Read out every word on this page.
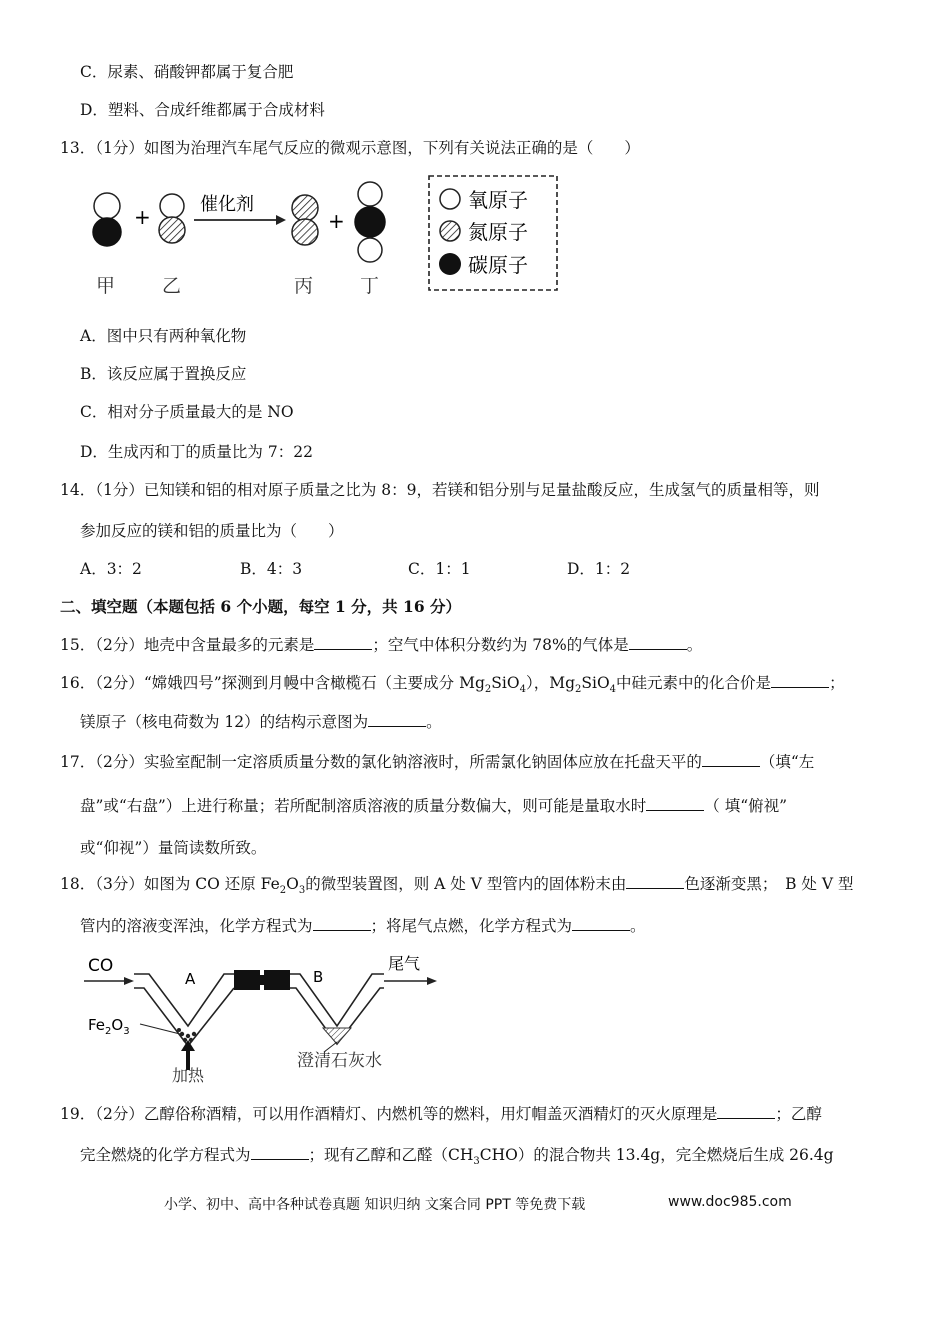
C．尿素、硝酸钾都属于复合肥
D．塑料、合成纤维都属于合成材料
13．（1分）如图为治理汽车尾气反应的微观示意图，下列有关说法正确的是（　　）
+
催化剂
+
甲 乙	丙 丁
氧原子
氮原子
碳原子
A．图中只有两种氧化物
B．该反应属于置换反应
C．相对分子质量最大的是 NO
D．生成丙和丁的质量比为 7：22
14．（1分）已知镁和铝的相对原子质量之比为 8：9，若镁和铝分别与足量盐酸反应，生成氢气的质量相等，则
参加反应的镁和铝的质量比为（　　）
A．3：2	B．4：3	C．1：1	D．1：2
二、填空题（本题包括 6 个小题，每空 1 分，共 16 分）
15．（2分）地壳中含量最多的元素是	；空气中体积分数约为 78%的气体是	。
16．（2分）“嫦娥四号”探测到月幔中含橄榄石（主要成分 $Mg_2SiO_4$），$Mg_2SiO_4$中硅元素中的化合价是	；
镁原子（核电荷数为 12）的结构示意图为	。
17．（2分）实验室配制一定溶质质量分数的氯化钠溶液时，所需氯化钠固体应放在托盘天平的	（填“左
盘”或“右盘”）上进行称量；若所配制溶质溶液的质量分数偏大，则可能是量取水时	（ 填“俯视”
或“仰视”）量筒读数所致。
18．（3分）如图为 CO 还原 $Fe_2O_3$的微型装置图，则 A 处 V 型管内的固体粉末由	色逐渐变黑；　B 处 V 型
管内的溶液变浑浊，化学方程式为	；将尾气点燃，化学方程式为	。
CO
A	B
尾气
$Fe_2O_3$
加热
澄清石灰水
19．（2分）乙醇俗称酒精，可以用作酒精灯、内燃机等的燃料，用灯帽盖灭酒精灯的灭火原理是	；乙醇
完全燃烧的化学方程式为	；现有乙醇和乙醛$(CH_3CHO)$的混合物共 13.4g，完全燃烧后生成 26.4g
小学、初中、高中各种试卷真题 知识归纳 文案合同 PPT 等免费下载	www.doc985.com
